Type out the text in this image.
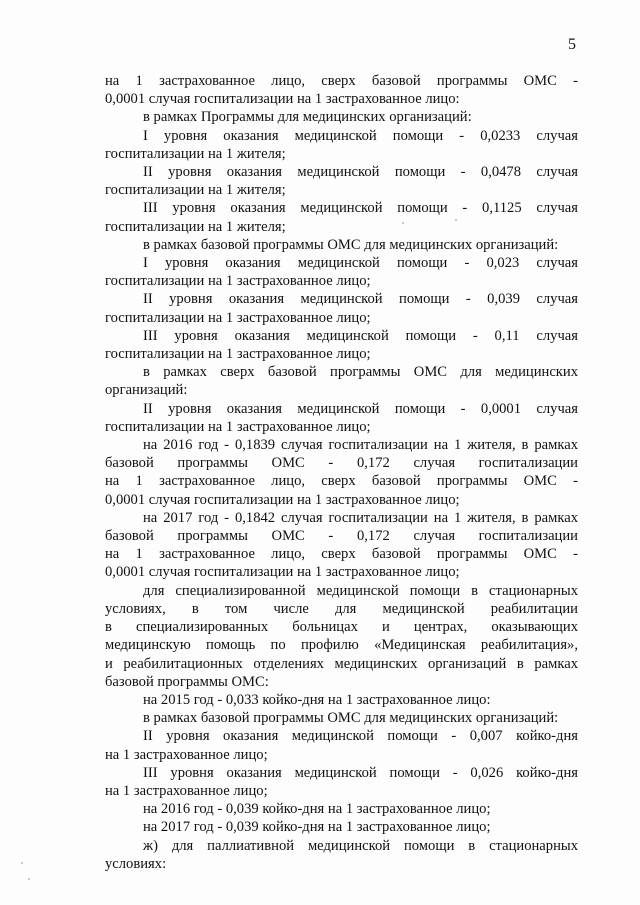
5
на 1 застрахованное лицо, сверх базовой программы ОМС -
0,0001 случая госпитализации на 1 застрахованное лицо:
в рамках Программы для медицинских организаций:
I уровня оказания медицинской помощи - 0,0233 случая
госпитализации на 1 жителя;
II уровня оказания медицинской помощи - 0,0478 случая
госпитализации на 1 жителя;
III уровня оказания медицинской помощи - 0,1125 случая
госпитализации на 1 жителя;
в рамках базовой программы ОМС для медицинских организаций:
I уровня оказания медицинской помощи - 0,023 случая
госпитализации на 1 застрахованное лицо;
II уровня оказания медицинской помощи - 0,039 случая
госпитализации на 1 застрахованное лицо;
III уровня оказания медицинской помощи - 0,11 случая
госпитализации на 1 застрахованное лицо;
в рамках сверх базовой программы ОМС для медицинских
организаций:
II уровня оказания медицинской помощи - 0,0001 случая
госпитализации на 1 застрахованное лицо;
на 2016 год - 0,1839 случая госпитализации на 1 жителя, в рамках
базовой программы ОМС - 0,172 случая госпитализации
на 1 застрахованное лицо, сверх базовой программы ОМС -
0,0001 случая госпитализации на 1 застрахованное лицо;
на 2017 год - 0,1842 случая госпитализации на 1 жителя, в рамках
базовой программы ОМС - 0,172 случая госпитализации
на 1 застрахованное лицо, сверх базовой программы ОМС -
0,0001 случая госпитализации на 1 застрахованное лицо;
для специализированной медицинской помощи в стационарных
условиях, в том числе для медицинской реабилитации
в специализированных больницах и центрах, оказывающих
медицинскую помощь по профилю «Медицинская реабилитация»,
и реабилитационных отделениях медицинских организаций в рамках
базовой программы ОМС:
на 2015 год - 0,033 койко-дня на 1 застрахованное лицо:
в рамках базовой программы ОМС для медицинских организаций:
II уровня оказания медицинской помощи - 0,007 койко-дня
на 1 застрахованное лицо;
III уровня оказания медицинской помощи - 0,026 койко-дня
на 1 застрахованное лицо;
на 2016 год - 0,039 койко-дня на 1 застрахованное лицо;
на 2017 год - 0,039 койко-дня на 1 застрахованное лицо;
ж) для паллиативной медицинской помощи в стационарных
условиях:
